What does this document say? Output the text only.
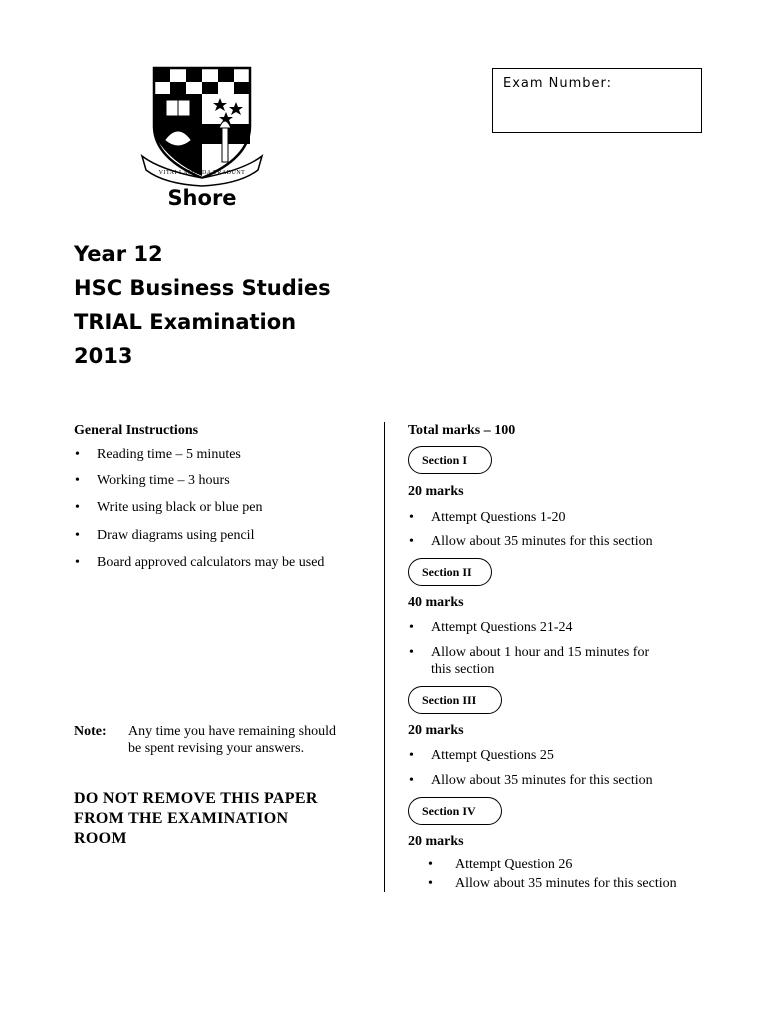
VITAI LAMPADA TRADUNT
Shore
Exam Number:
Year 12
HSC Business Studies
TRIAL Examination
2013
General Instructions
• Reading time – 5 minutes
• Working time – 3 hours
• Write using black or blue pen
• Draw diagrams using pencil
• Board approved calculators may be used
Note: Any time you have remaining should
be spent revising your answers.
DO NOT REMOVE THIS PAPER
FROM THE EXAMINATION
ROOM
Total marks – 100
Section I
20 marks
• Attempt Questions 1-20
• Allow about 35 minutes for this section
Section II
40 marks
• Attempt Questions 21-24
• Allow about 1 hour and 15 minutes for
this section
Section III
20 marks
• Attempt Questions 25
• Allow about 35 minutes for this section
Section IV
20 marks
• Attempt Question 26
• Allow about 35 minutes for this section
